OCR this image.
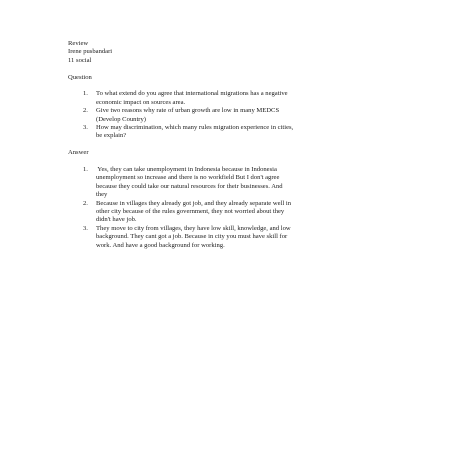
Review
Irene pusbandari
11 social
Question
1. To what extend do you agree that international migrations has a negative
economic impact on sources area.
2. Give two reasons why rate of urban growth are low in many MEDCS
(Develop Country)
3. How may discrimination, which many rules migration experience in cities,
be explain?
Answer
1. Yes, they can take unemployment in Indonesia because in Indonesia
unemployment so increase and there is no workfield But I don't agree
because they could take our natural resources for their businesses. And
they
2. Because in villages they already got job, and they already separate well in
other city because of the rules government, they not worried about they
didn't have job.
3. They move to city from villages, they have low skill, knowledge, and low
background. They cant got a job. Because in city you must have skill for
work. And have a good background for working.
